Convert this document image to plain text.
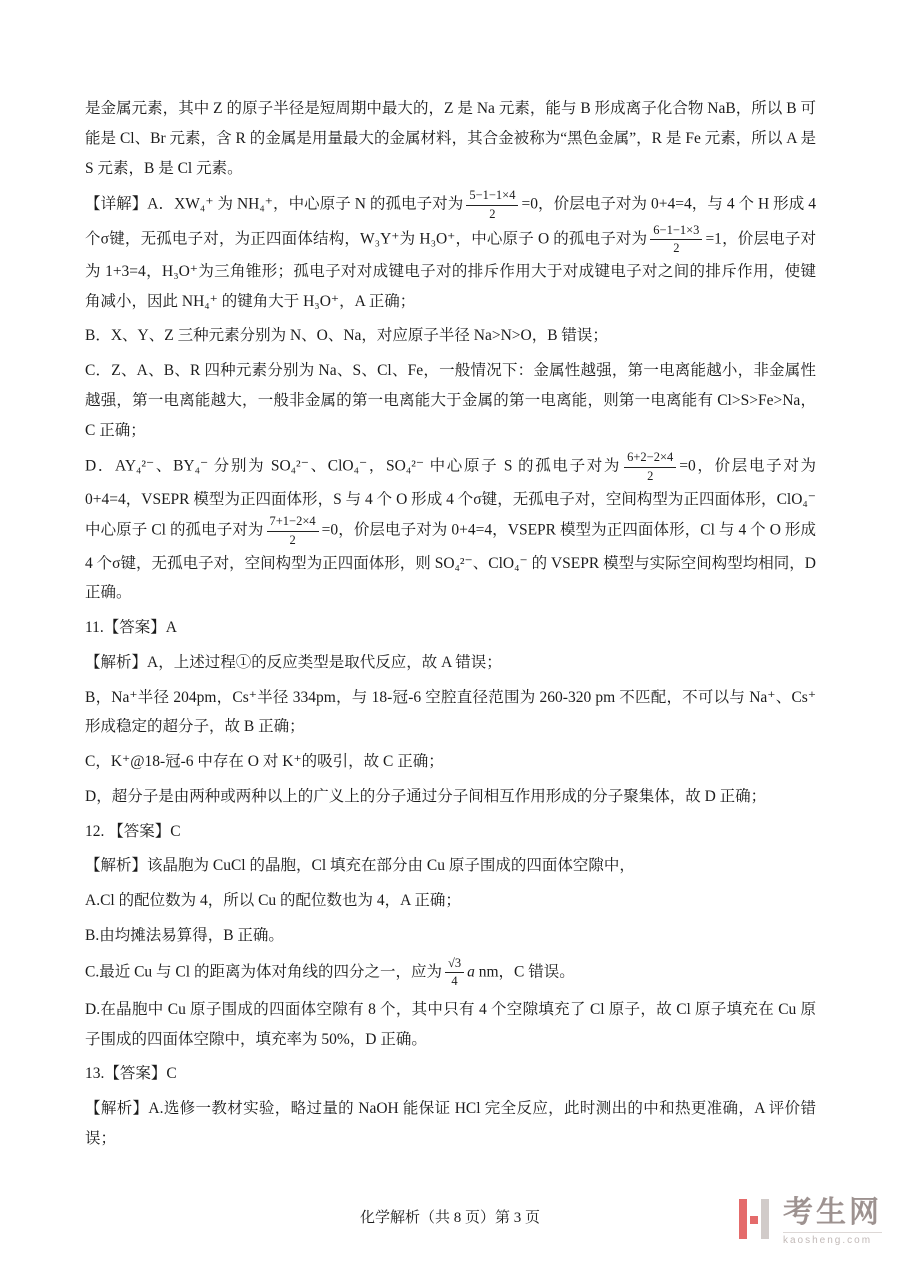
是金属元素，其中 Z 的原子半径是短周期中最大的，Z 是 Na 元素，能与 B 形成离子化合物 NaB，所以 B 可能是 Cl、Br 元素，含 R 的金属是用量最大的金属材料，其合金被称为“黑色金属”，R 是 Fe 元素，所以 A 是 S 元素，B 是 Cl 元素。

【详解】A．XW₄⁺ 为 NH₄⁺，中心原子 N 的孤电子对为 $\frac{5-1-1\times 4}{2} =0$，价层电子对为 0+4=4，与 4 个 H 形成 4 个σ键，无孤电子对，为正四面体结构，W₃Y⁺为 H₃O⁺，中心原子 O 的孤电子对为 $\frac{6-1-1\times 3}{2} =1$，价层电子对为 1+3=4，H₃O⁺为三角锥形；孤电子对对成键电子对的排斥作用大于对成键电子对之间的排斥作用，使键角减小，因此 NH₄⁺ 的键角大于 H₃O⁺，A 正确；

B．X、Y、Z 三种元素分别为 N、O、Na，对应原子半径 Na>N>O，B 错误；

C．Z、A、B、R 四种元素分别为 Na、S、Cl、Fe，一般情况下：金属性越强，第一电离能越小，非金属性越强，第一电离能越大，一般非金属的第一电离能大于金属的第一电离能，则第一电离能有 Cl>S>Fe>Na，C 正确；

D．AY₄²⁻、BY₄⁻ 分别为 SO₄²⁻、ClO₄⁻，SO₄²⁻ 中心原子 S 的孤电子对为 $\frac{6+2-2\times 4}{2} =0$，价层电子对为 0+4=4，VSEPR 模型为正四面体形，S 与 4 个 O 形成 4 个σ键，无孤电子对，空间构型为正四面体形，ClO₄⁻ 中心原子 Cl 的孤电子对为 $\frac{7+1-2\times 4}{2} =0$，价层电子对为 0+4=4，VSEPR 模型为正四面体形，Cl 与 4 个 O 形成 4 个σ键，无孤电子对，空间构型为正四面体形，则 SO₄²⁻、ClO₄⁻ 的 VSEPR 模型与实际空间构型均相同，D 正确。

11.【答案】A

【解析】A，上述过程①的反应类型是取代反应，故 A 错误；

B，Na⁺半径 204pm，Cs⁺半径 334pm，与 18-冠-6 空腔直径范围为 260-320 pm 不匹配，不可以与 Na⁺、Cs⁺形成稳定的超分子，故 B 正确；

C，K⁺@18-冠-6 中存在 O 对 K⁺的吸引，故 C 正确；

D，超分子是由两种或两种以上的广义上的分子通过分子间相互作用形成的分子聚集体，故 D 正确；

12. 【答案】C

【解析】该晶胞为 CuCl 的晶胞，Cl 填充在部分由 Cu 原子围成的四面体空隙中，

A.Cl 的配位数为 4，所以 Cu 的配位数也为 4，A 正确；

B.由均摊法易算得，B 正确。

C.最近 Cu 与 Cl 的距离为体对角线的四分之一，应为 $\frac{√3}{4}$ a nm，C 错误。

D.在晶胞中 Cu 原子围成的四面体空隙有 8 个，其中只有 4 个空隙填充了 Cl 原子，故 Cl 原子填充在 Cu 原子围成的四面体空隙中，填充率为 50%，D 正确。

13.【答案】C

【解析】A.选修一教材实验，略过量的 NaOH 能保证 HCl 完全反应，此时测出的中和热更准确，A 评价错误；

化学解析（共 8 页）第 3 页	考生网
kaosheng.com
